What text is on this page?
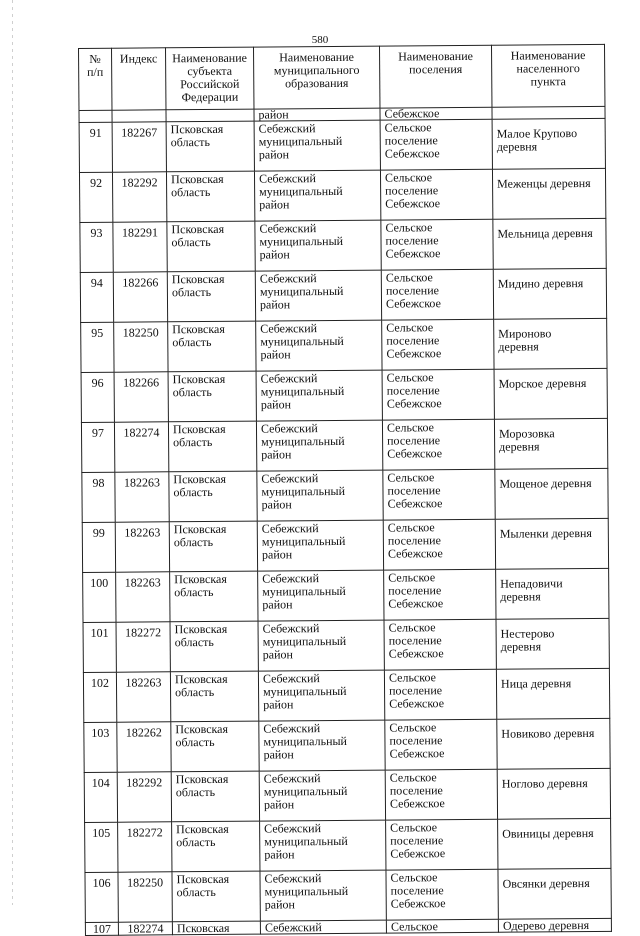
580
№
п/п	Индекс	Наименование
субъекта
Российской
Федерации	Наименование
муниципального
образования	Наименование
поселения	Наименование
населенного
пункта

			район	Себежское	
91	182267	Псковская
область	Себежский
муниципальный
район	Сельское
поселение
Себежское	Малое Крупово
деревня

92	182292	Псковская
область	Себежский
муниципальный
район	Сельское
поселение
Себежское	Меженцы деревня

93	182291	Псковская
область	Себежский
муниципальный
район	Сельское
поселение
Себежское	Мельница деревня

94	182266	Псковская
область	Себежский
муниципальный
район	Сельское
поселение
Себежское	Мидино деревня

95	182250	Псковская
область	Себежский
муниципальный
район	Сельское
поселение
Себежское	Мироново
деревня

96	182266	Псковская
область	Себежский
муниципальный
район	Сельское
поселение
Себежское	Морское деревня

97	182274	Псковская
область	Себежский
муниципальный
район	Сельское
поселение
Себежское	Морозовка
деревня

98	182263	Псковская
область	Себежский
муниципальный
район	Сельское
поселение
Себежское	Мощеное деревня

99	182263	Псковская
область	Себежский
муниципальный
район	Сельское
поселение
Себежское	Мыленки деревня

100	182263	Псковская
область	Себежский
муниципальный
район	Сельское
поселение
Себежское	Непадовичи
деревня

101	182272	Псковская
область	Себежский
муниципальный
район	Сельское
поселение
Себежское	Нестерово
деревня

102	182263	Псковская
область	Себежский
муниципальный
район	Сельское
поселение
Себежское	Ница деревня

103	182262	Псковская
область	Себежский
муниципальный
район	Сельское
поселение
Себежское	Новиково деревня

104	182292	Псковская
область	Себежский
муниципальный
район	Сельское
поселение
Себежское	Ноглово деревня

105	182272	Псковская
область	Себежский
муниципальный
район	Сельское
поселение
Себежское	Овиницы деревня

106	182250	Псковская
область	Себежский
муниципальный
район	Сельское
поселение
Себежское	Овсянки деревня

107	182274	Псковская	Себежский	Сельское	Одерево деревня
